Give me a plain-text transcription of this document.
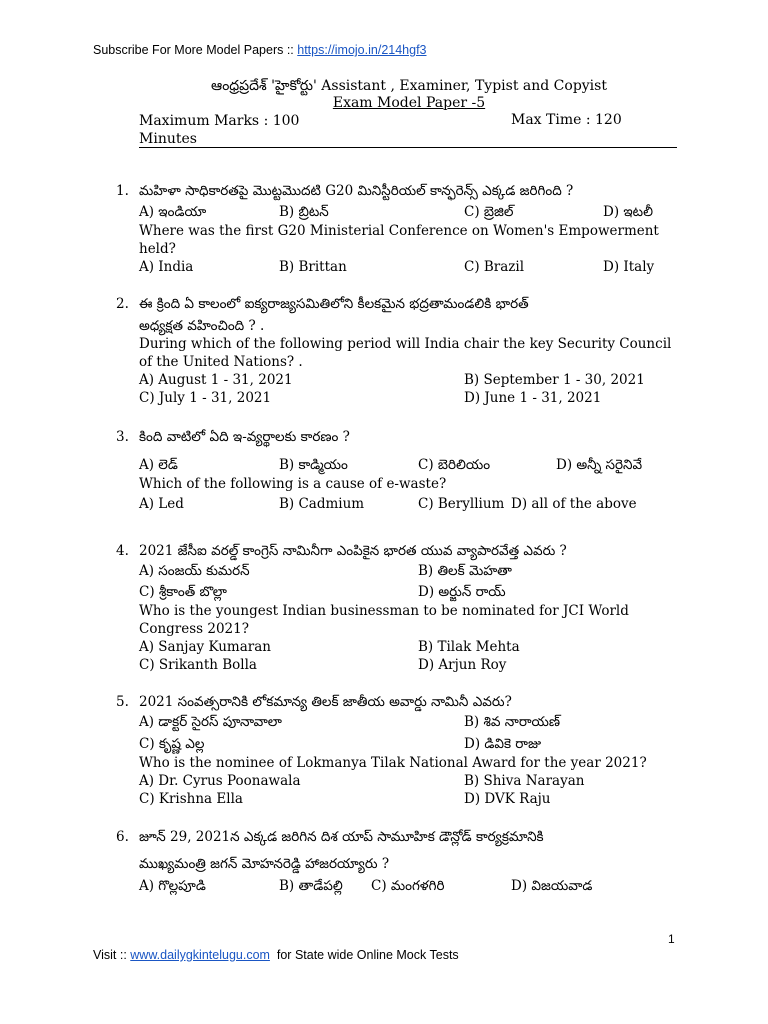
Subscribe For More Model Papers :: https://imojo.in/214hgf3
ఆంధ్రప్రదేశ్ 'హైకోర్టు' Assistant , Examiner, Typist and Copyist
Exam Model Paper -5
Maximum Marks : 100
Minutes
Max Time : 120
1. మహిళా సాధికారతపై మొట్టమొదటి G20 మినిస్టీరియల్ కాన్ఫరెన్స్ ఎక్కడ జరిగింది ?
A) ఇండియా	B) బ్రిటన్	C) బ్రెజిల్	D) ఇటలీ
Where was the first G20 Ministerial Conference on Women's Empowerment
held?
A) India	B) Brittan	C) Brazil	D) Italy
2. ఈ క్రింది ఏ కాలంలో ఐక్యరాజ్యసమితిలోని కీలకమైన భద్రతామండలికి భారత్
అధ్యక్షత వహించింది ? .
During which of the following period will India chair the key Security Council
of the United Nations? .
A) August 1 - 31, 2021	B) September 1 - 30, 2021
C) July 1 - 31, 2021	D) June 1 - 31, 2021
3. కింది వాటిలో ఏది ఇ-వ్యర్థాలకు కారణం ?
A) లెడ్	B) కాడ్మియం	C) బెరిలియం	D) అన్నీ సరైనివే
Which of the following is a cause of e-waste?
A) Led	B) Cadmium	C) Beryllium D) all of the above
4. 2021 జేసీఐ వరల్డ్ కాంగ్రెస్ నామినీగా ఎంపికైన భారత యువ వ్యాపారవేత్త ఎవరు ?
A) సంజయ్ కుమరన్	B) తిలక్ మెహతా
C) శ్రీకాంత్ బొల్లా	D) అర్జున్ రాయ్
Who is the youngest Indian businessman to be nominated for JCI World
Congress 2021?
A) Sanjay Kumaran	B) Tilak Mehta
C) Srikanth Bolla	D) Arjun Roy
5. 2021 సంవత్సరానికి లోకమాన్య తిలక్ జాతీయ అవార్డు నామినీ ఎవరు?
A) డాక్టర్ సైరస్ పూనావాలా	B) శివ నారాయణ్
C) కృష్ణ ఎల్ల	D) డివికె రాజు
Who is the nominee of Lokmanya Tilak National Award for the year 2021?
A) Dr. Cyrus Poonawala	B) Shiva Narayan
C) Krishna Ella	D) DVK Raju
6. జూన్ 29, 2021న ఎక్కడ జరిగిన దిశ యాప్ సామూహిక డౌన్లోడ్ కార్యక్రమానికి
ముఖ్యమంత్రి జగన్ మోహనరెడ్డి హాజరయ్యారు ?
A) గొల్లపూడి	B) తాడేపల్లి C) మంగళగిరి	D) విజయవాడ
1
Visit :: www.dailygkintelugu.com  for State wide Online Mock Tests
